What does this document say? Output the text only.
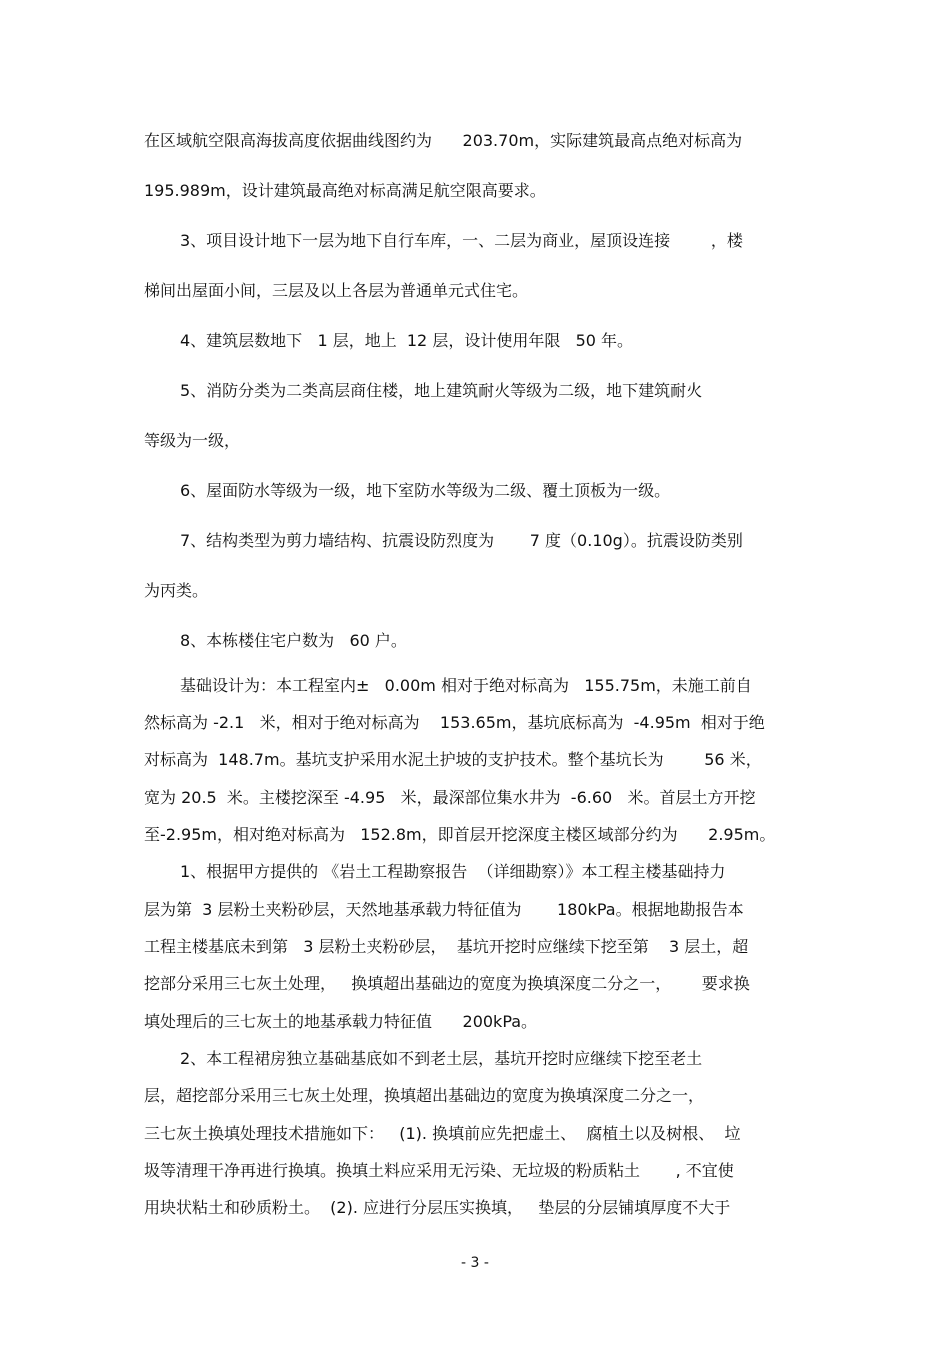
在区域航空限高海拔高度依据曲线图约为      203.70m，实际建筑最高点绝对标高为
195.989m，设计建筑最高绝对标高满足航空限高要求。
3、项目设计地下一层为地下自行车库，一、二层为商业，屋顶设连接        ，楼
梯间出屋面小间，三层及以上各层为普通单元式住宅。
4、建筑层数地下   1 层，地上  12 层，设计使用年限   50 年。
5、消防分类为二类高层商住楼，地上建筑耐火等级为二级，地下建筑耐火
等级为一级，
6、屋面防水等级为一级，地下室防水等级为二级、覆土顶板为一级。
7、结构类型为剪力墙结构、抗震设防烈度为       7 度（0.10g）。抗震设防类别
为丙类。
8、本栋楼住宅户数为   60 户。
基础设计为：本工程室内±   0.00m 相对于绝对标高为   155.75m，未施工前自
然标高为 -2.1   米，相对于绝对标高为    153.65m，基坑底标高为  -4.95m  相对于绝
对标高为  148.7m。基坑支护采用水泥土护坡的支护技术。整个基坑长为        56 米，
宽为 20.5  米。主楼挖深至 -4.95   米，最深部位集水井为  -6.60   米。首层土方开挖
至-2.95m，相对绝对标高为   152.8m，即首层开挖深度主楼区域部分约为      2.95m。
1、根据甲方提供的 《岩土工程勘察报告  （详细勘察）》本工程主楼基础持力
层为第  3 层粉土夹粉砂层，天然地基承载力特征值为       180kPa。根据地勘报告本
工程主楼基底未到第   3 层粉土夹粉砂层，  基坑开挖时应继续下挖至第    3 层土，超
挖部分采用三七灰土处理，   换填超出基础边的宽度为换填深度二分之一，      要求换
填处理后的三七灰土的地基承载力特征值      200kPa。
2、本工程裙房独立基础基底如不到老土层，基坑开挖时应继续下挖至老土
层，超挖部分采用三七灰土处理，换填超出基础边的宽度为换填深度二分之一，
三七灰土换填处理技术措施如下：   (1). 换填前应先把虚土、  腐植土以及树根、  垃
圾等清理干净再进行换填。换填土料应采用无污染、无垃圾的粉质粘土       , 不宜使
用块状粘土和砂质粉土。  (2). 应进行分层压实换填，   垫层的分层铺填厚度不大于
- 3 -
